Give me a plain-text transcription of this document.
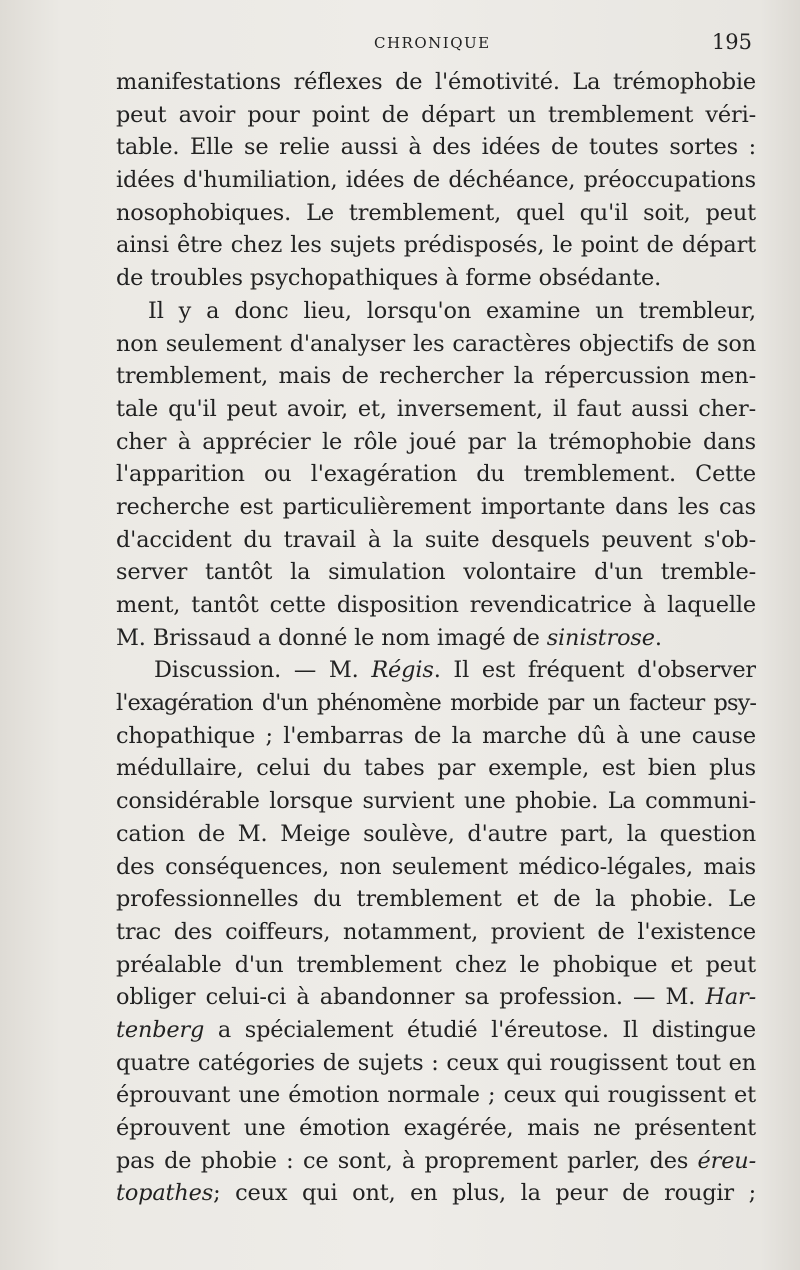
CHRONIQUE	195
manifestations réflexes de l'émotivité. La trémophobie
peut avoir pour point de départ un tremblement véri-
table. Elle se relie aussi à des idées de toutes sortes :
idées d'humiliation, idées de déchéance, préoccupations
nosophobiques. Le tremblement, quel qu'il soit, peut
ainsi être chez les sujets prédisposés, le point de départ
de troubles psychopathiques à forme obsédante.
Il y a donc lieu, lorsqu'on examine un trembleur,
non seulement d'analyser les caractères objectifs de son
tremblement, mais de rechercher la répercussion men-
tale qu'il peut avoir, et, inversement, il faut aussi cher-
cher à apprécier le rôle joué par la trémophobie dans
l'apparition ou l'exagération du tremblement. Cette
recherche est particulièrement importante dans les cas
d'accident du travail à la suite desquels peuvent s'ob-
server tantôt la simulation volontaire d'un tremble-
ment, tantôt cette disposition revendicatrice à laquelle
M. Brissaud a donné le nom imagé de sinistrose.
Discussion. — M. Régis. Il est fréquent d'observer
l'exagération d'un phénomène morbide par un facteur psy-
chopathique ; l'embarras de la marche dû à une cause
médullaire, celui du tabes par exemple, est bien plus
considérable lorsque survient une phobie. La communi-
cation de M. Meige soulève, d'autre part, la question
des conséquences, non seulement médico-légales, mais
professionnelles du tremblement et de la phobie. Le
trac des coiffeurs, notamment, provient de l'existence
préalable d'un tremblement chez le phobique et peut
obliger celui-ci à abandonner sa profession. — M. Har-
tenberg a spécialement étudié l'éreutose. Il distingue
quatre catégories de sujets : ceux qui rougissent tout en
éprouvant une émotion normale ; ceux qui rougissent et
éprouvent une émotion exagérée, mais ne présentent
pas de phobie : ce sont, à proprement parler, des éreu-
topathes; ceux qui ont, en plus, la peur de rougir ;
